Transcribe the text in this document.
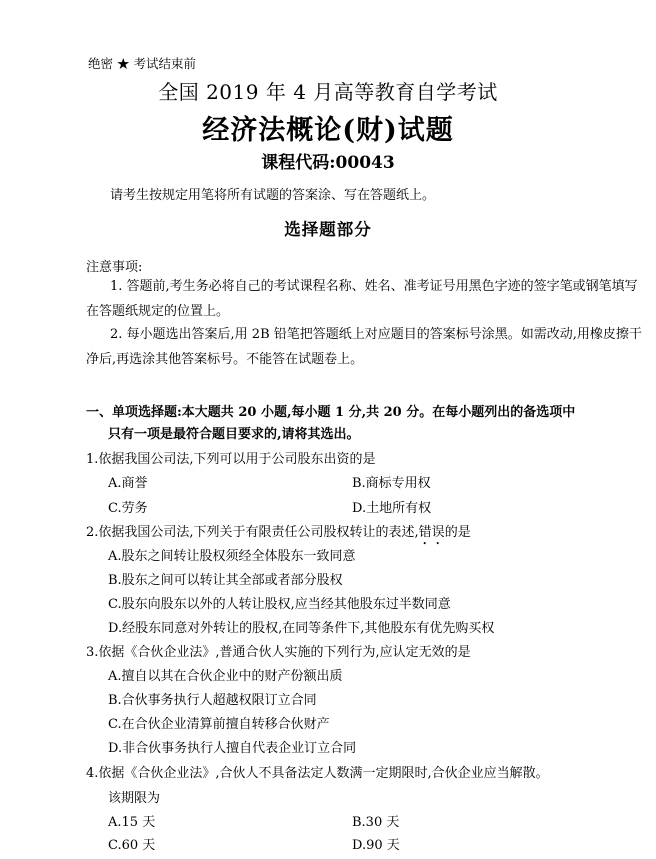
绝密 ★ 考试结束前
全国 2019 年 4 月高等教育自学考试
经济法概论(财)试题
课程代码:00043
请考生按规定用笔将所有试题的答案涂、写在答题纸上。
选择题部分
注意事项:
1. 答题前,考生务必将自己的考试课程名称、姓名、准考证号用黑色字迹的签字笔或钢笔填写在答题纸规定的位置上。
2. 每小题选出答案后,用 2B 铅笔把答题纸上对应题目的答案标号涂黑。如需改动,用橡皮擦干净后,再选涂其他答案标号。不能答在试题卷上。
一、单项选择题:本大题共 20 小题,每小题 1 分,共 20 分。在每小题列出的备选项中
只有一项是最符合题目要求的,请将其选出。
1.依据我国公司法,下列可以用于公司股东出资的是
A.商誉	B.商标专用权
C.劳务	D.土地所有权
2.依据我国公司法,下列关于有限责任公司股权转让的表述,错误的是
A.股东之间转让股权须经全体股东一致同意
B.股东之间可以转让其全部或者部分股权
C.股东向股东以外的人转让股权,应当经其他股东过半数同意
D.经股东同意对外转让的股权,在同等条件下,其他股东有优先购买权
3.依据《合伙企业法》,普通合伙人实施的下列行为,应认定无效的是
A.擅自以其在合伙企业中的财产份额出质
B.合伙事务执行人超越权限订立合同
C.在合伙企业清算前擅自转移合伙财产
D.非合伙事务执行人擅自代表企业订立合同
4.依据《合伙企业法》,合伙人不具备法定人数满一定期限时,合伙企业应当解散。
该期限为
A.15 天	B.30 天
C.60 天	D.90 天
